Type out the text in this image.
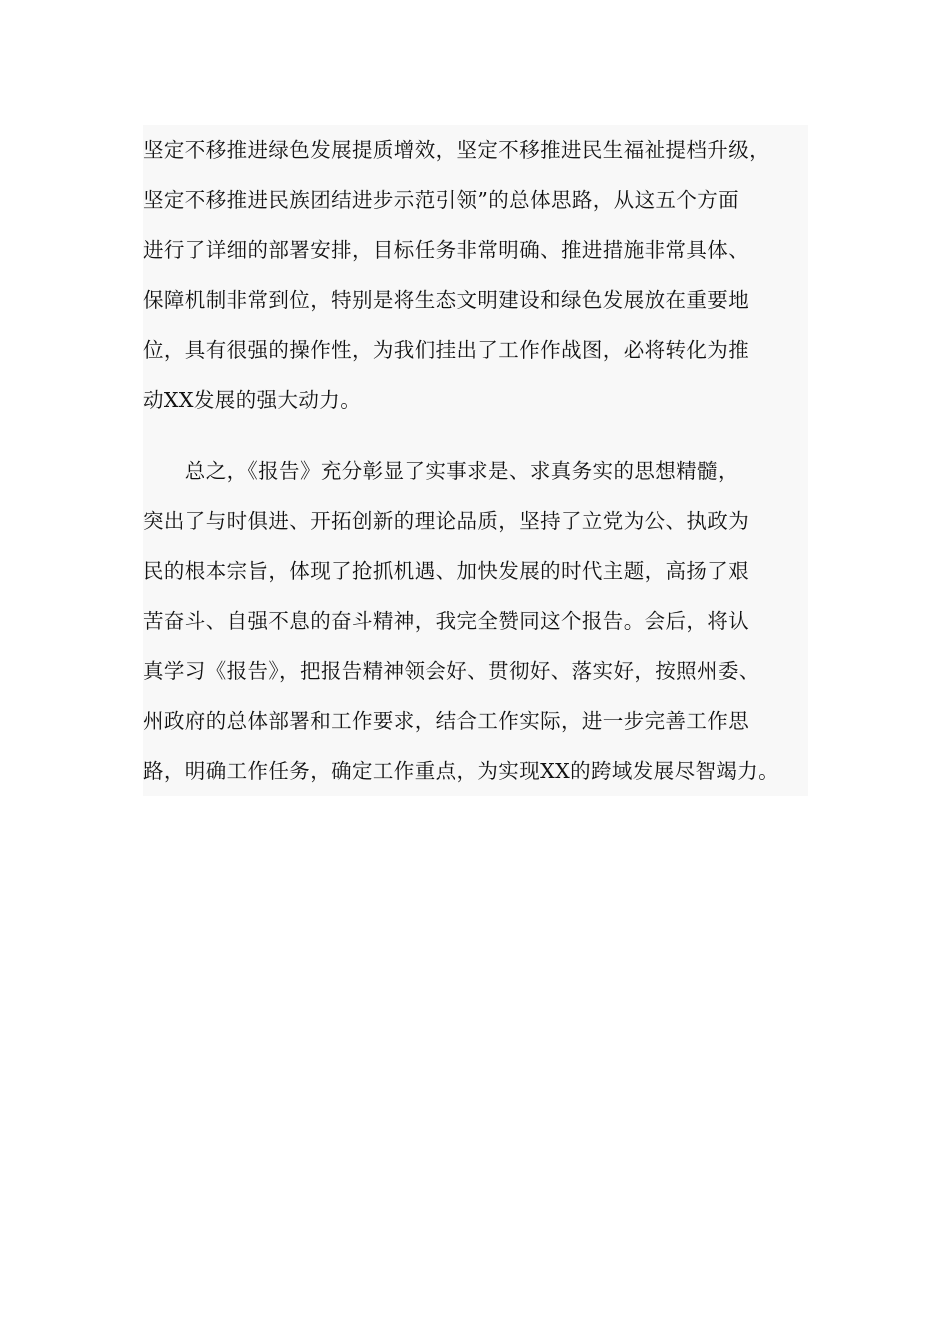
坚定不移推进绿色发展提质增效，坚定不移推进民生福祉提档升级，
坚定不移推进民族团结进步示范引领”的总体思路，从这五个方面
进行了详细的部署安排，目标任务非常明确、推进措施非常具体、
保障机制非常到位，特别是将生态文明建设和绿色发展放在重要地
位，具有很强的操作性，为我们挂出了工作作战图，必将转化为推
动XX发展的强大动力。

　　总之，《报告》充分彰显了实事求是、求真务实的思想精髓，
突出了与时俱进、开拓创新的理论品质，坚持了立党为公、执政为
民的根本宗旨，体现了抢抓机遇、加快发展的时代主题，高扬了艰
苦奋斗、自强不息的奋斗精神，我完全赞同这个报告。会后，将认
真学习《报告》，把报告精神领会好、贯彻好、落实好，按照州委、
州政府的总体部署和工作要求，结合工作实际，进一步完善工作思
路，明确工作任务，确定工作重点，为实现XX的跨域发展尽智竭力。
